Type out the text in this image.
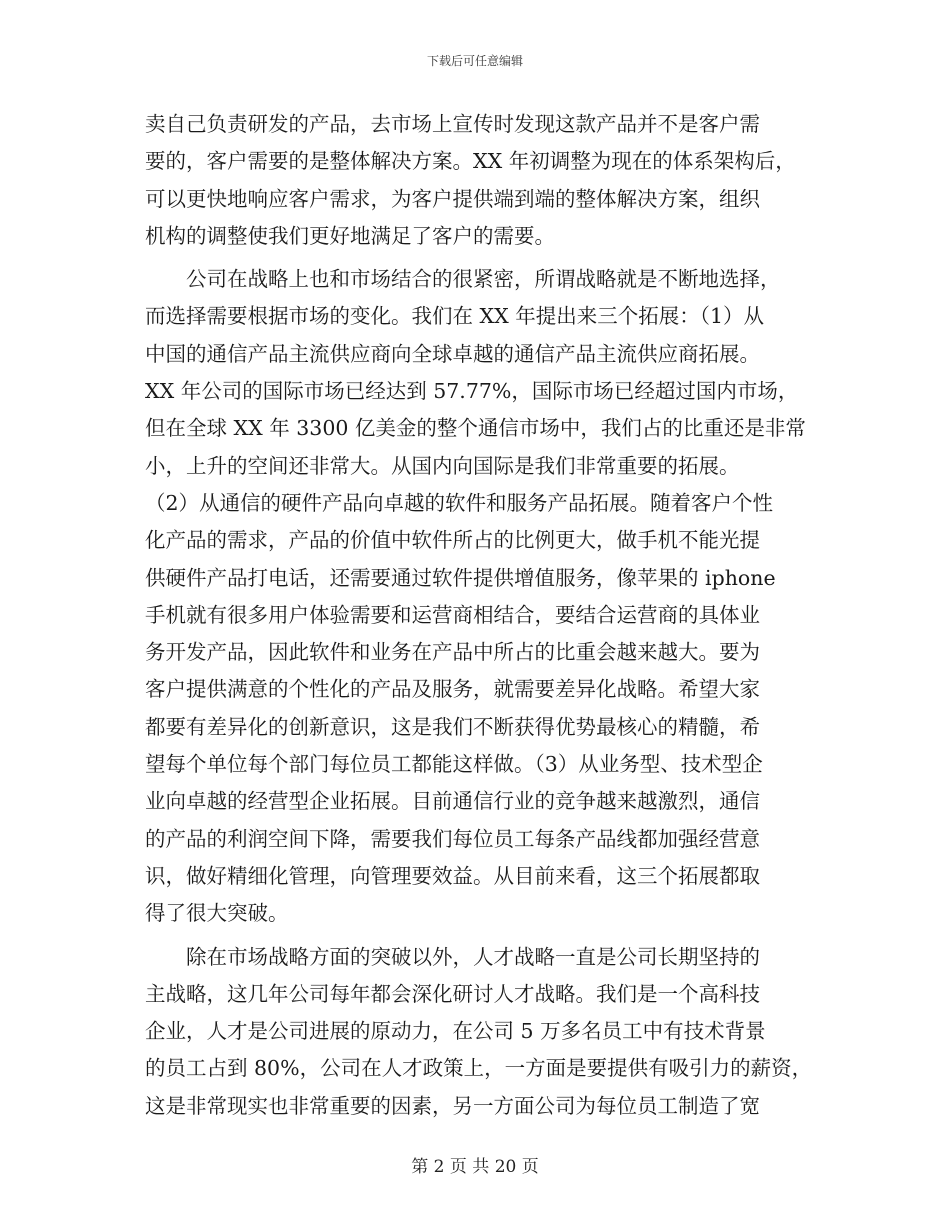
下载后可任意编辑
卖自己负责研发的产品，去市场上宣传时发现这款产品并不是客户需
要的，客户需要的是整体解决方案。XX 年初调整为现在的体系架构后，
可以更快地响应客户需求，为客户提供端到端的整体解决方案，组织
机构的调整使我们更好地满足了客户的需要。
公司在战略上也和市场结合的很紧密，所谓战略就是不断地选择，
而选择需要根据市场的变化。我们在 XX 年提出来三个拓展：（1）从
中国的通信产品主流供应商向全球卓越的通信产品主流供应商拓展。
XX 年公司的国际市场已经达到 57.77%，国际市场已经超过国内市场，
但在全球 XX 年 3300 亿美金的整个通信市场中，我们占的比重还是非常
小，上升的空间还非常大。从国内向国际是我们非常重要的拓展。
（2）从通信的硬件产品向卓越的软件和服务产品拓展。随着客户个性
化产品的需求，产品的价值中软件所占的比例更大，做手机不能光提
供硬件产品打电话，还需要通过软件提供增值服务，像苹果的 iphone
手机就有很多用户体验需要和运营商相结合，要结合运营商的具体业
务开发产品，因此软件和业务在产品中所占的比重会越来越大。要为
客户提供满意的个性化的产品及服务，就需要差异化战略。希望大家
都要有差异化的创新意识，这是我们不断获得优势最核心的精髓，希
望每个单位每个部门每位员工都能这样做。（3）从业务型、技术型企
业向卓越的经营型企业拓展。目前通信行业的竞争越来越激烈，通信
的产品的利润空间下降，需要我们每位员工每条产品线都加强经营意
识，做好精细化管理，向管理要效益。从目前来看，这三个拓展都取
得了很大突破。
除在市场战略方面的突破以外，人才战略一直是公司长期坚持的
主战略，这几年公司每年都会深化研讨人才战略。我们是一个高科技
企业，人才是公司进展的原动力，在公司 5 万多名员工中有技术背景
的员工占到 80%，公司在人才政策上，一方面是要提供有吸引力的薪资，
这是非常现实也非常重要的因素，另一方面公司为每位员工制造了宽
第 2 页 共 20 页
